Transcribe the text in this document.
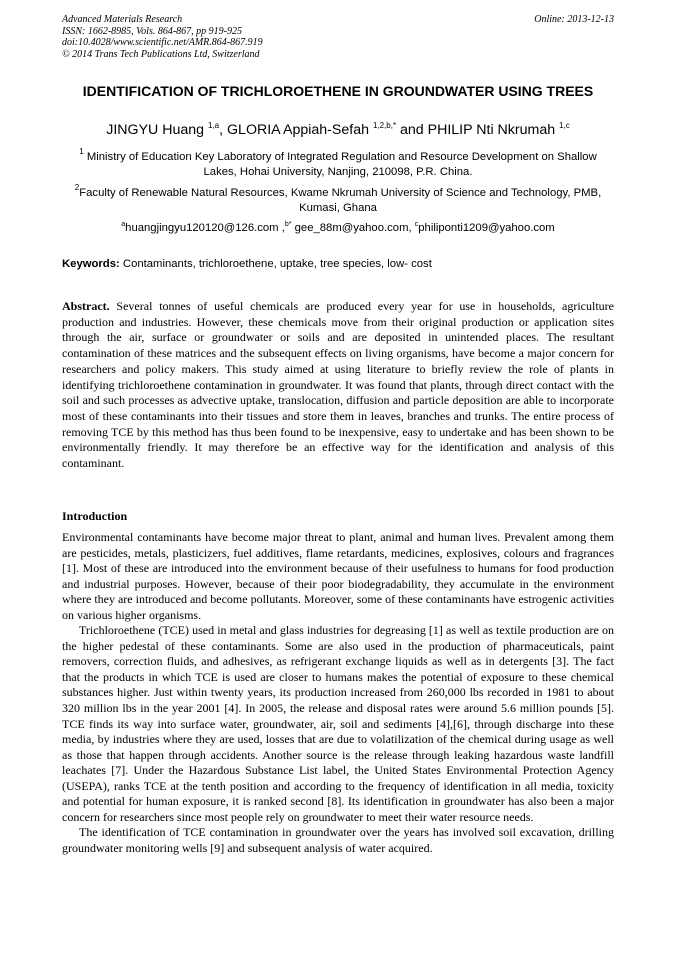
Advanced Materials Research
ISSN: 1662-8985, Vols. 864-867, pp 919-925
doi:10.4028/www.scientific.net/AMR.864-867.919
© 2014 Trans Tech Publications Ltd, Switzerland
Online: 2013-12-13
IDENTIFICATION OF TRICHLOROETHENE IN GROUNDWATER USING TREES
JINGYU Huang $^{1,a}$, GLORIA Appiah-Sefah $^{1,2,b,*}$ and PHILIP Nti Nkrumah $^{1,c}$
$^1$ Ministry of Education Key Laboratory of Integrated Regulation and Resource Development on Shallow Lakes, Hohai University, Nanjing, 210098, P.R. China.
$^2$Faculty of Renewable Natural Resources, Kwame Nkrumah University of Science and Technology, PMB, Kumasi, Ghana
$^a$huangjingyu120120@126.com ,$^{b*}$ gee_88m@yahoo.com, $^c$philiponti1209@yahoo.com
Keywords: Contaminants, trichloroethene, uptake, tree species, low- cost
Abstract. Several tonnes of useful chemicals are produced every year for use in households, agriculture production and industries. However, these chemicals move from their original production or application sites through the air, surface or groundwater or soils and are deposited in unintended places. The resultant contamination of these matrices and the subsequent effects on living organisms, have become a major concern for researchers and policy makers. This study aimed at using literature to briefly review the role of plants in identifying trichloroethene contamination in groundwater. It was found that plants, through direct contact with the soil and such processes as advective uptake, translocation, diffusion and particle deposition are able to incorporate most of these contaminants into their tissues and store them in leaves, branches and trunks. The entire process of removing TCE by this method has thus been found to be inexpensive, easy to undertake and has been shown to be environmentally friendly. It may therefore be an effective way for the identification and analysis of this contaminant.
Introduction

Environmental contaminants have become major threat to plant, animal and human lives. Prevalent among them are pesticides, metals, plasticizers, fuel additives, flame retardants, medicines, explosives, colours and fragrances [1]. Most of these are introduced into the environment because of their usefulness to humans for food production and industrial purposes. However, because of their poor biodegradability, they accumulate in the environment where they are introduced and become pollutants. Moreover, some of these contaminants have estrogenic activities on various higher organisms.

Trichloroethene (TCE) used in metal and glass industries for degreasing [1] as well as textile production are on the higher pedestal of these contaminants. Some are also used in the production of pharmaceuticals, paint removers, correction fluids, and adhesives, as refrigerant exchange liquids as well as in detergents [3]. The fact that the products in which TCE is used are closer to humans makes the potential of exposure to these chemical substances higher. Just within twenty years, its production increased from 260,000 lbs recorded in 1981 to about 320 million lbs in the year 2001 [4]. In 2005, the release and disposal rates were around 5.6 million pounds [5]. TCE finds its way into surface water, groundwater, air, soil and sediments [4],[6], through discharge into these media, by industries where they are used, losses that are due to volatilization of the chemical during usage as well as those that happen through accidents. Another source is the release through leaking hazardous waste landfill leachates [7]. Under the Hazardous Substance List label, the United States Environmental Protection Agency (USEPA), ranks TCE at the tenth position and according to the frequency of identification in all media, toxicity and potential for human exposure, it is ranked second [8]. Its identification in groundwater has also been a major concern for researchers since most people rely on groundwater to meet their water resource needs.

The identification of TCE contamination in groundwater over the years has involved soil excavation, drilling groundwater monitoring wells [9] and subsequent analysis of water acquired.
